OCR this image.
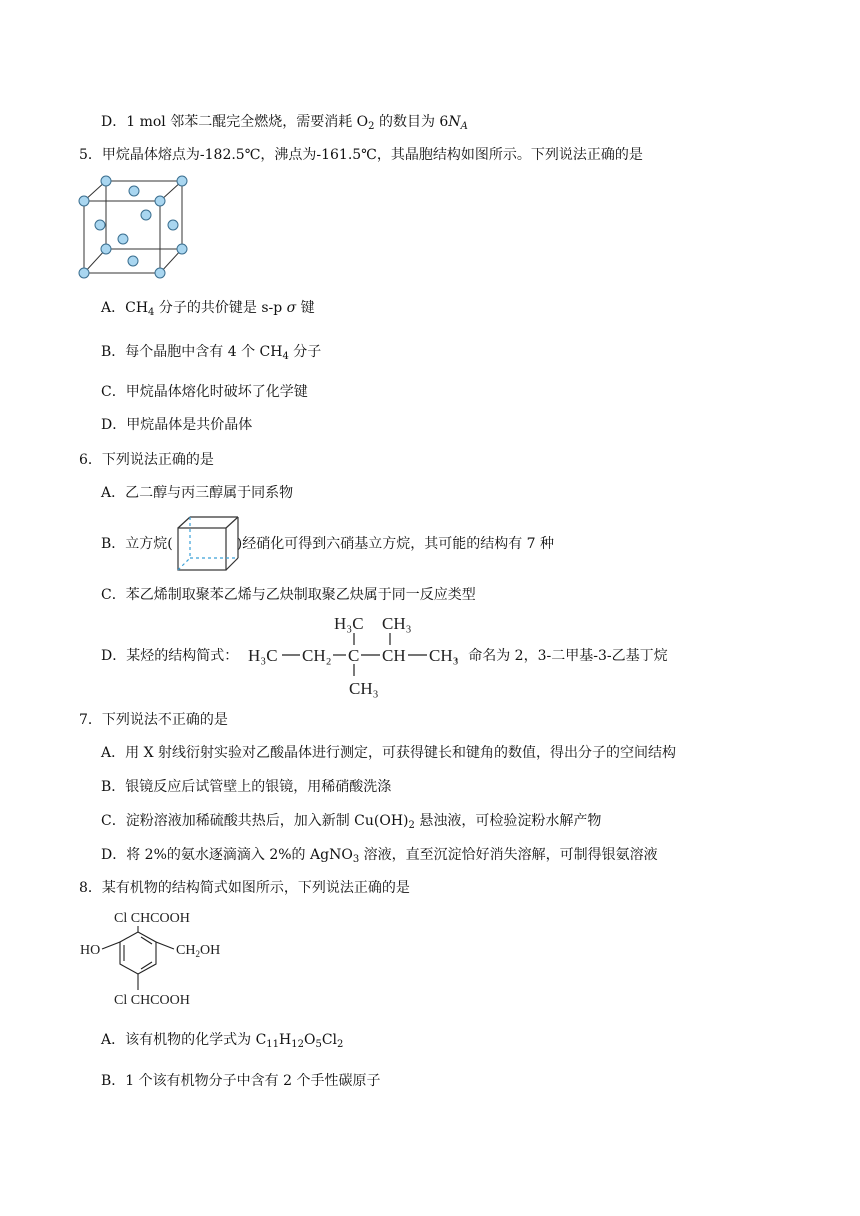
D．1 mol 邻苯二醌完全燃烧，需要消耗 $O_2$ 的数目为 $6N_A$
5．甲烷晶体熔点为-182.5℃，沸点为-161.5℃，其晶胞结构如图所示。下列说法正确的是
A．$CH_4$ 分子的共价键是 s-p σ 键
B．每个晶胞中含有 4 个 $CH_4$ 分子
C．甲烷晶体熔化时破坏了化学键
D．甲烷晶体是共价晶体
6．下列说法正确的是
A．乙二醇与丙三醇属于同系物
B．立方烷(	)经硝化可得到六硝基立方烷，其可能的结构有 7 种
C．苯乙烯制取聚苯乙烯与乙炔制取聚乙炔属于同一反应类型
D．某烃的结构简式：	，命名为 2，3-二甲基-3-乙基丁烷
H₃C CH₃
H₃C CH₂ C CH CH₃
CH₃
7．下列说法不正确的是
A．用 X 射线衍射实验对乙酸晶体进行测定，可获得键长和键角的数值，得出分子的空间结构
B．银镜反应后试管壁上的银镜，用稀硝酸洗涤
C．淀粉溶液加稀硫酸共热后，加入新制 $Cu(OH)_2$ 悬浊液，可检验淀粉水解产物
D．将 2%的氨水逐滴滴入 2%的 AgNO$_3$ 溶液，直至沉淀恰好消失溶解，可制得银氨溶液
8．某有机物的结构简式如图所示，下列说法正确的是
Cl CHCOOH
HO	$CH_2OH$
Cl CHCOOH
A．该有机物的化学式为 $C_{11}H_{12}O_5Cl_2$
B．1 个该有机物分子中含有 2 个手性碳原子
